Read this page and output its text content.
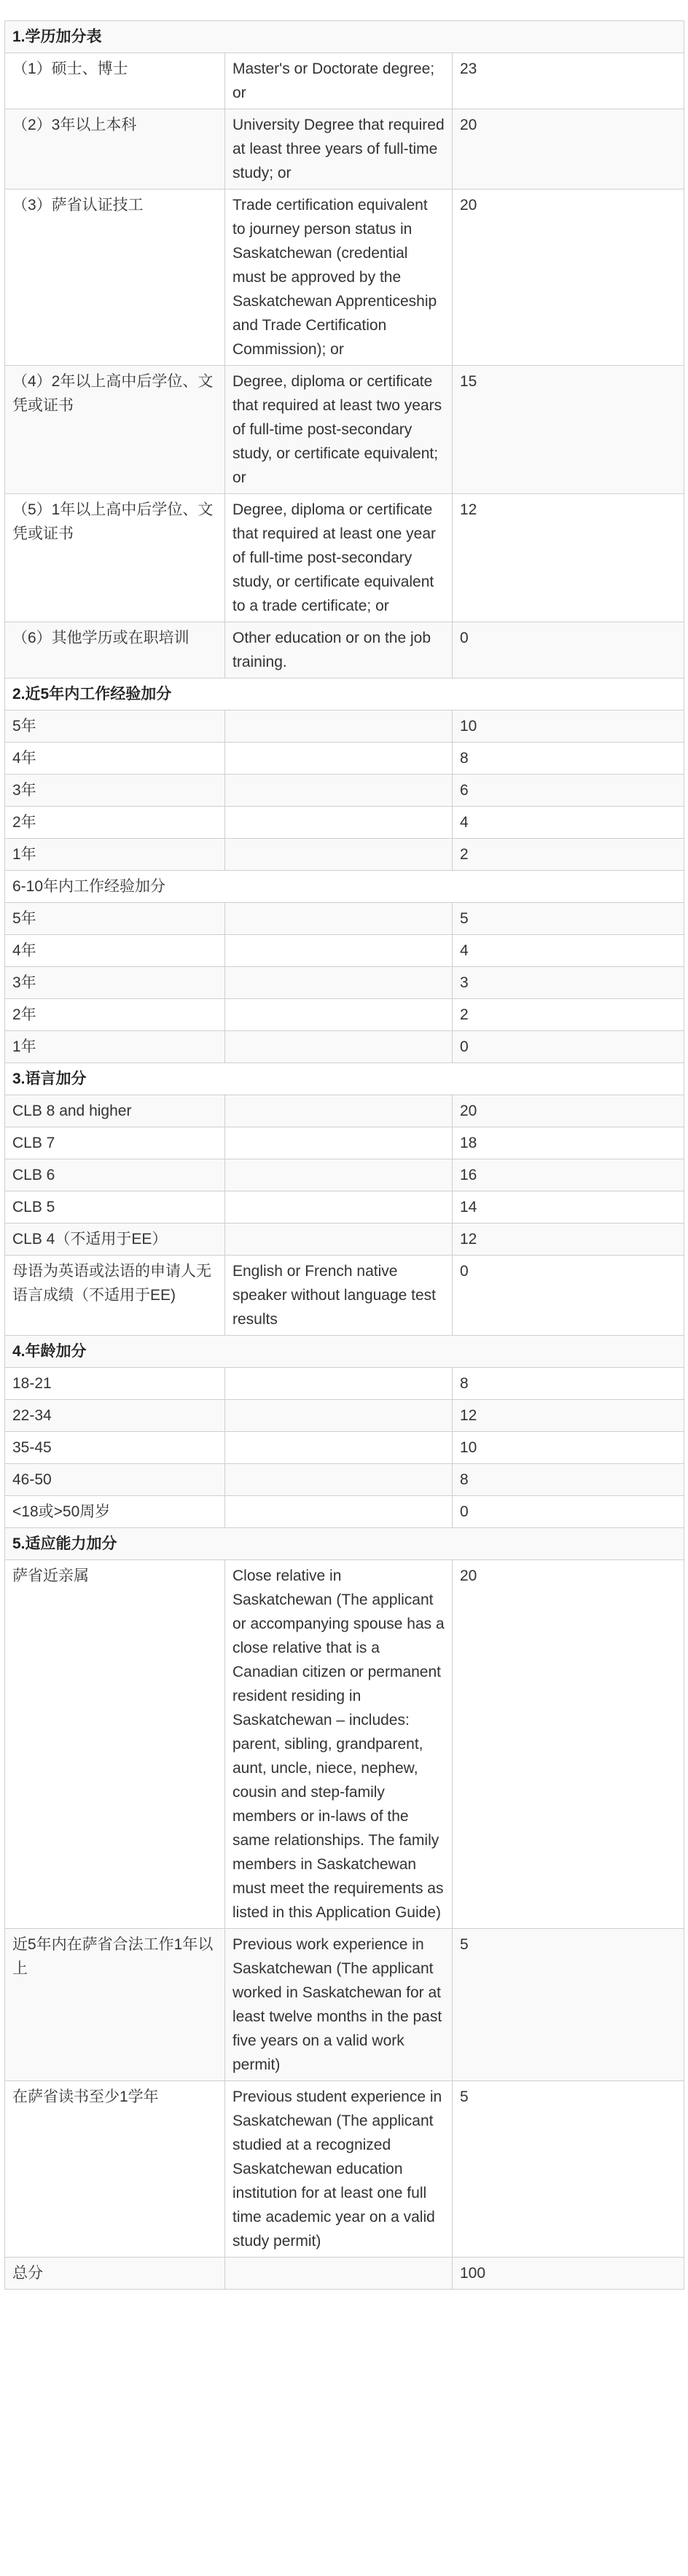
1.学历加分表		
（1）硕士、博士	Master's or Doctorate degree; or	23
（2）3年以上本科	University Degree that required at least three years of full-time study; or	20
（3）萨省认证技工	Trade certification equivalent to journey person status in Saskatchewan (credential must be approved by the Saskatchewan Apprenticeship and Trade Certification Commission); or	20
（4）2年以上高中后学位、文凭或证书	Degree, diploma or certificate that required at least two years of full-time post-secondary study, or certificate equivalent; or	15
（5）1年以上高中后学位、文凭或证书	Degree, diploma or certificate that required at least one year of full-time post-secondary study, or certificate equivalent to a trade certificate; or	12
（6）其他学历或在职培训	Other education or on the job training.	0
2.近5年内工作经验加分		
5年		10
4年		8
3年		6
2年		4
1年		2
6-10年内工作经验加分		
5年		5
4年		4
3年		3
2年		2
1年		0
3.语言加分		
CLB 8 and higher		20
CLB 7		18
CLB 6		16
CLB 5		14
CLB 4（不适用于EE）		12
母语为英语或法语的申请人无语言成绩（不适用于EE)	English or French native speaker without language test results	0
4.年龄加分		
18-21		8
22-34		12
35-45		10
46-50		8
<18或>50周岁		0
5.适应能力加分		
萨省近亲属	Close relative in Saskatchewan (The applicant or accompanying spouse has a close relative that is a Canadian citizen or permanent resident residing in Saskatchewan – includes: parent, sibling, grandparent, aunt, uncle, niece, nephew, cousin and step-family members or in-laws of the same relationships. The family members in Saskatchewan must meet the requirements as listed in this Application Guide)	20
近5年内在萨省合法工作1年以上	Previous work experience in Saskatchewan (The applicant worked in Saskatchewan for at least twelve months in the past five years on a valid work permit)	5
在萨省读书至少1学年	Previous student experience in Saskatchewan (The applicant studied at a recognized Saskatchewan education institution for at least one full time academic year on a valid study permit)	5
总分		100
